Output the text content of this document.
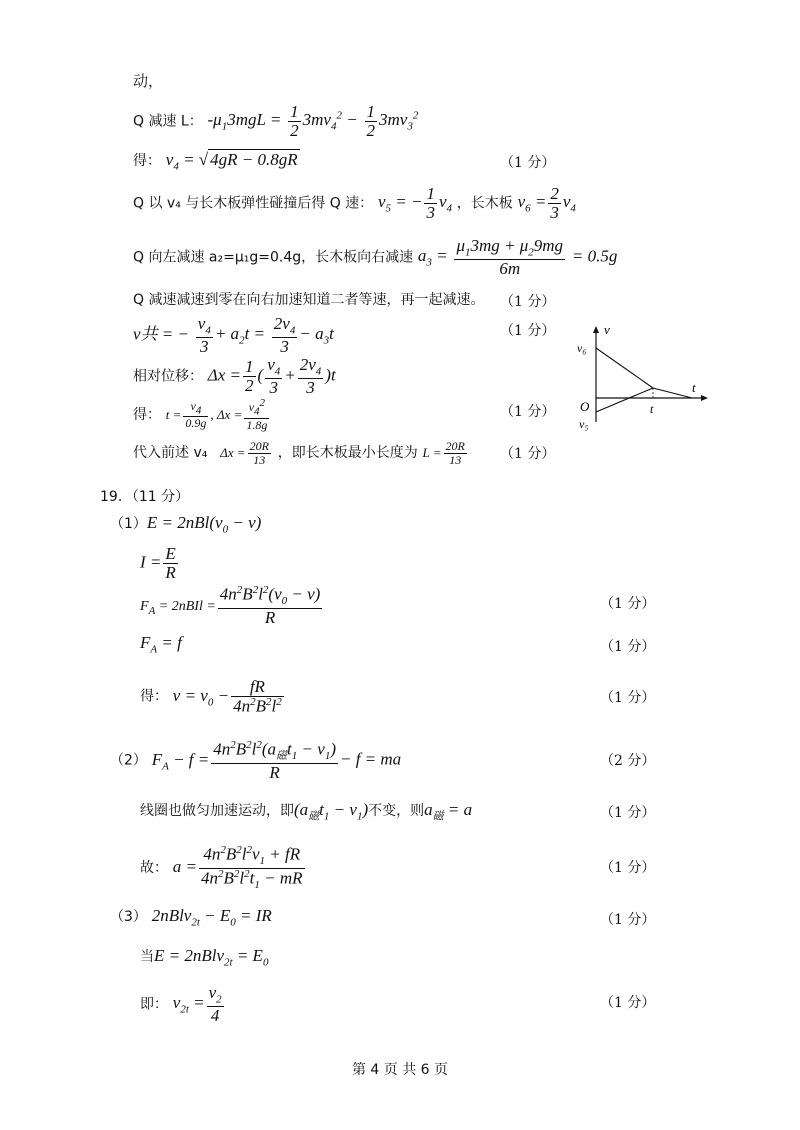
动，
Q 减速 L： $-\mu_13mgL = \frac{1}{2} 3mv_4^2 - \frac{1}{2} 3mv_3^2$
得： $v_4$ = √ 4gR − 0.8gR	（1 分）
Q 以 v₄ 与长木板弹性碰撞后得 Q 速： $v_5$ = − $\frac{1}{3} v_4$ ，长木板 $v_6 = \frac{2}{3} v_4$
Q 向左减速 a₂=μ₁g=0.4g，长木板向右减速 $a_3 = \frac{\mu_13mg + \mu_29mg}{6m} = 0.5g$
Q 减速减速到零在向右加速知道二者等速，再一起减速。 （1 分）
v共 = − $\frac{v_4}{3} + a_2t = \frac{2v_4}{3} - a_3t$	（1 分）
相对位移： $\Delta x = \frac{1}{2}$ ( $\frac{v_4}{3} + \frac{2v_4}{3} )t$
得： $t = \frac{v_4}{0.9g}$ , $\Delta x = \frac{v_4^2}{1.8g}$	（1 分）
代入前述 v₄ $\Delta x = \frac{20R}{13}$ ，即长木板最小长度为 $L = \frac{20R}{13} (1$ 分）
v
t
v₆
O	t
v₅
19．（11 分）
$(1)E = 2nBl(v_0 - v)$
$I = \frac{E}{R}$
$F_A$ = 2nBIl = $\frac{4n^2B^2l^2(v_0 - v)}{R}$	（1 分）
$F_A = f$	（1 分）
得： $v = v_0 - \frac{fR}{4n^2B^2l^2}$	（1 分）
（2） $F_A - f = \frac{4n^2B^2l^2(a_磁t_1 - v_1)}{R} - f$ = ma	（2 分）
线圈也做匀加速运动，即$(a_磁t_1 - v_1)$不变，则$a_磁 = a$	（1 分）
故： $a = \frac{4n^2B^2l^2v_1 + fR}{4n^2B^2l^2t_1 - mR}$	（1 分）
（3） 2nBlv$_{2t}$ − $E_0$ = IR	（1 分）
当E = 2nBlv$_{2t}$ = $E_0$
即： $v_{2t} = \frac{v_2}{4}$	（1 分）
第 4 页 共 6 页
